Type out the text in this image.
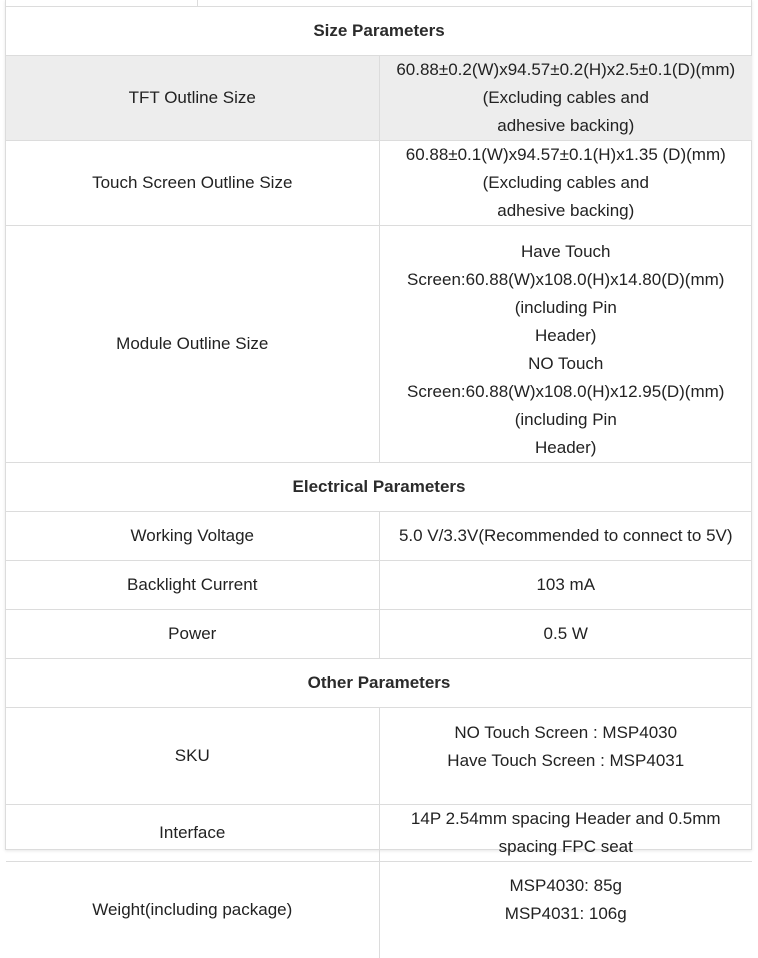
Size Parameters	
TFT Outline Size	60.88±0.2(W)x94.57±0.2(H)x2.5±0.1(D)(mm)(Excluding cables and
adhesive backing)

Touch Screen Outline Size	60.88±0.1(W)x94.57±0.1(H)x1.35 (D)(mm)(Excluding cables and
adhesive backing)

Module Outline Size	Have Touch Screen:60.88(W)x108.0(H)x14.80(D)(mm)(including Pin
Header)
NO Touch Screen:60.88(W)x108.0(H)x12.95(D)(mm)(including Pin
Header)

Electrical Parameters	
Working Voltage	5.0 V/3.3V(Recommended to connect to 5V)

Backlight Current	103 mA

Power	0.5 W

Other Parameters	
SKU	NO Touch Screen : MSP4030
Have Touch Screen : MSP4031

Interface	14P 2.54mm spacing Header and 0.5mm spacing FPC seat

Weight(including package)	MSP4030: 85g
MSP4031: 106g
